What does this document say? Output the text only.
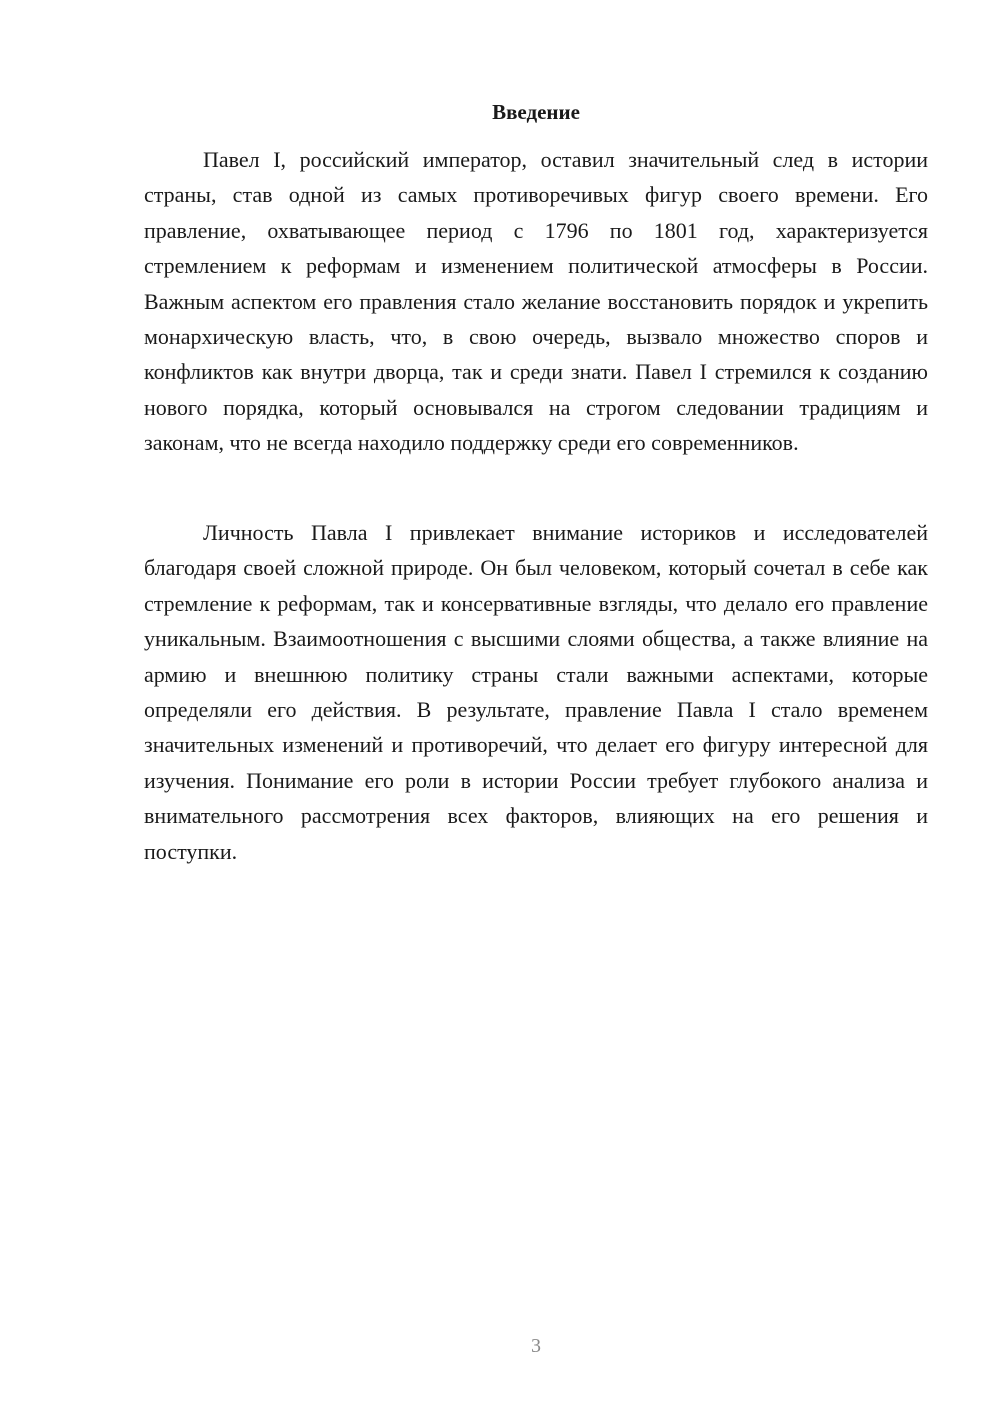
Введение

Павел I, российский император, оставил значительный след в истории страны, став одной из самых противоречивых фигур своего времени. Его правление, охватывающее период с 1796 по 1801 год, характеризуется стремлением к реформам и изменением политической атмосферы в России. Важным аспектом его правления стало желание восстановить порядок и укрепить монархическую власть, что, в свою очередь, вызвало множество споров и конфликтов как внутри дворца, так и среди знати. Павел I стремился к созданию нового порядка, который основывался на строгом следовании традициям и законам, что не всегда находило поддержку среди его современников.

Личность Павла I привлекает внимание историков и исследователей благодаря своей сложной природе. Он был человеком, который сочетал в себе как стремление к реформам, так и консервативные взгляды, что делало его правление уникальным. Взаимоотношения с высшими слоями общества, а также влияние на армию и внешнюю политику страны стали важными аспектами, которые определяли его действия. В результате, правление Павла I стало временем значительных изменений и противоречий, что делает его фигуру интересной для изучения. Понимание его роли в истории России требует глубокого анализа и внимательного рассмотрения всех факторов, влияющих на его решения и поступки.

3
